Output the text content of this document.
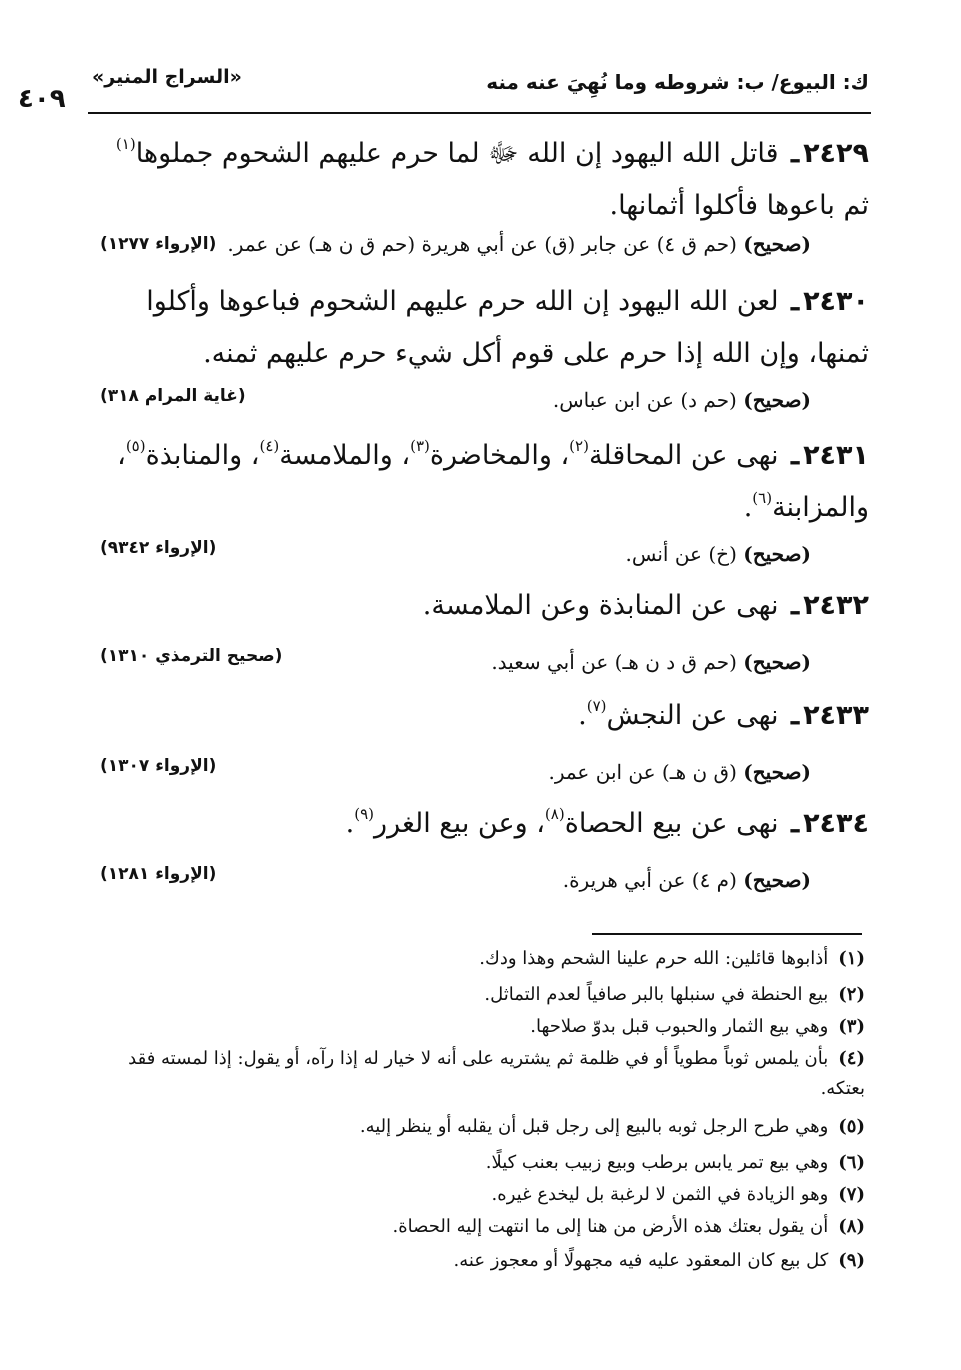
ك: البيوع/ ب: شروطه وما نُهِيَ عنه منه
«السراج المنير»
٤٠٩
٢٤٢٩ـ قاتل الله اليهود إن الله ﷻ لما حرم عليهم الشحوم جملوها$^{(١)}$ ثم باعوها فأكلوا أثمانها.
(صحيح) (حم ق ٤) عن جابر (ق) عن أبي هريرة (حم ق ن هـ) عن عمر.
(الإرواء ١٢٧٧)
٢٤٣٠ـ لعن الله اليهود إن الله حرم عليهم الشحوم فباعوها وأكلوا ثمنها، وإن الله إذا حرم على قوم أكل شيء حرم عليهم ثمنه.
(صحيح) (حم د) عن ابن عباس.
(غاية المرام ٣١٨)
٢٤٣١ـ نهى عن المحاقلة$^{(٢)}$، والمخاضرة$^{(٣)}$، والملامسة$^{(٤)}$، والمنابذة$^{(٥)}$، والمزابنة$^{(٦)}$.
(صحيح) (خ) عن أنس.
(الإرواء ٩٣٤٢)
٢٤٣٢ـ نهى عن المنابذة وعن الملامسة.
(صحيح) (حم ق د ن هـ) عن أبي سعيد.
(صحيح الترمذي ١٣١٠)
٢٤٣٣ـ نهى عن النجش$^{(٧)}$.
(صحيح) (ق ن هـ) عن ابن عمر.
(الإرواء ١٣٠٧)
٢٤٣٤ـ نهى عن بيع الحصاة$^{(٨)}$، وعن بيع الغرر$^{(٩)}$.
(صحيح) (م ٤) عن أبي هريرة.
(الإرواء ١٢٨١)
(١)أذابوها قائلين: الله حرم علينا الشحم وهذا ودك.
(٢)بيع الحنطة في سنبلها بالبر صافياً لعدم التماثل.
(٣)وهي بيع الثمار والحبوب قبل بدوّ صلاحها.
(٤)بأن يلمس ثوباً مطوياً أو في ظلمة ثم يشتريه على أنه لا خيار له إذا رآه، أو يقول: إذا لمسته فقد بعتكه.
(٥)وهي طرح الرجل ثوبه بالبيع إلى رجل قبل أن يقلبه أو ينظر إليه.
(٦)وهي بيع تمر يابس برطب وبيع زبيب بعنب كيلًا.
(٧)وهو الزيادة في الثمن لا لرغبة بل ليخدع غيره.
(٨)أن يقول بعتك هذه الأرض من هنا إلى ما انتهت إليه الحصاة.
(٩)كل بيع كان المعقود عليه فيه مجهولًا أو معجوز عنه.
